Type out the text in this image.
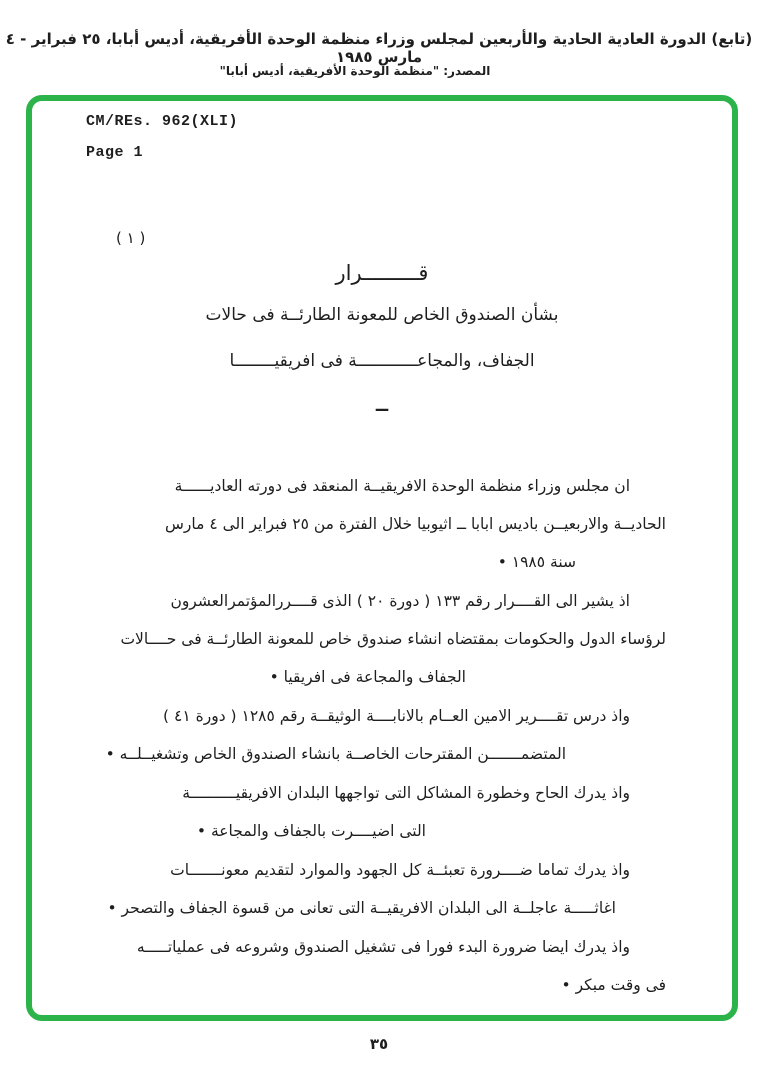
(تابع) الدورة العادية الحادية والأربعين لمجلس وزراء منظمة الوحدة الأفريقية، أديس أبابا، ٢٥ فبراير - ٤ مارس ١٩٨٥
المصدر: "منظمة الوحدة الأفريقية، أديس أبابا"
CM/REs. 962(XLI)
Page 1
( ١ )
قـــــــــرار
بشأن الصندوق الخاص للمعونة الطارئــة فى حالات
الجفاف، والمجاعــــــــــــة فى افريقيــــــــا
ــ
ان مجلس وزراء منظمة الوحدة الافريقيــة المنعقد فى دورته العاديــــــة
الحاديــة والاربعيــن باديس ابابا ــ اثيوبيا خلال الفترة من ٢٥ فبراير الى ٤ مارس
سنة ١٩٨٥ •
اذ يشير الى القــــرار رقم ١٣٣ ( دورة ٢٠ ) الذى قــــررالمؤتمرالعشرون
لرؤساء الدول والحكومات بمقتضاه انشاء صندوق خاص للمعونة الطارئــة فى حــــالات
الجفاف والمجاعة فى افريقيا •
واذ درس تقــــرير الامين العــام بالانابــــة الوثيقــة رقم ١٢٨٥ ( دورة ٤١ )
المتضمـــــــن المقترحات الخاصــة بانشاء الصندوق الخاص وتشغيــلــه •
واذ يدرك الحاح وخطورة المشاكل التى تواجهها البلدان الافريقيــــــــــة
التى اضيــــرت بالجفاف والمجاعة •
واذ يدرك تماما ضــــرورة تعبئــة كل الجهود والموارد لتقديم معونـــــــات
اغاثـــــة عاجلــة الى البلدان الافريقيــة التى تعانى من قسوة الجفاف والتصحر •
واذ يدرك ايضا ضرورة البدء فورا فى تشغيل الصندوق وشروعه فى عملياتـــــه
فى وقت مبكر •
٣٥
